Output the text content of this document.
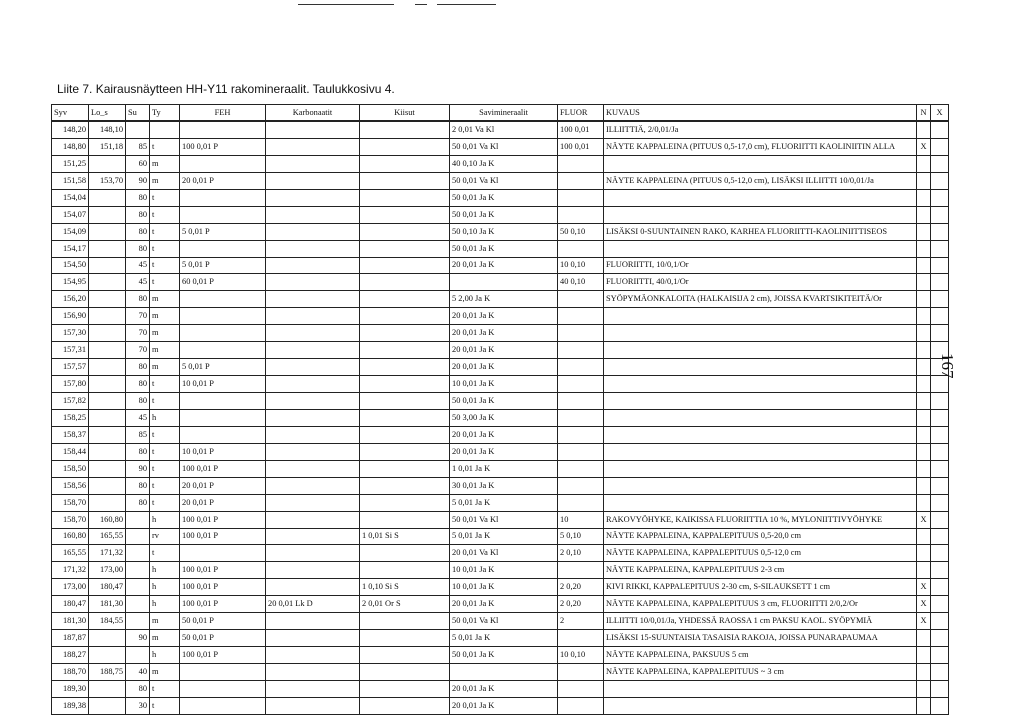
Liite 7. Kairausnäytteen HH-Y11 rakomineraalit. Taulukkosivu 4.
Syv	Lo_s	Su	Ty	FEH	Karbonaatit	Kiisut	Savimineraalit	FLUOR	KUVAUS	N	X
148,20	148,10						2 0,01 Va Kl	100 0,01	ILLIITTIÄ, 2/0,01/Ja		
148,80	151,18	85	t	100 0,01 P			50 0,01 Va Kl	100 0,01	NÄYTE KAPPALEINA (PITUUS 0,5-17,0 cm), FLUORIITTI KAOLINIITIN ALLA	X	
151,25		60	m				40 0,10 Ja K				
151,58	153,70	90	m	20 0,01 P			50 0,01 Va Kl		NÄYTE KAPPALEINA (PITUUS 0,5-12,0 cm), LISÄKSI ILLIITTI 10/0,01/Ja		
154,04		80	t				50 0,01 Ja K				
154,07		80	t				50 0,01 Ja K				
154,09		80	t	5 0,01 P			50 0,10 Ja K	50 0,10	LISÄKSI 0-SUUNTAINEN RAKO, KARHEA FLUORIITTI-KAOLINIITTISEOS		
154,17		80	t				50 0,01 Ja K				
154,50		45	t	5 0,01 P			20 0,01 Ja K	10 0,10	FLUORIITTI, 10/0,1/Or		
154,95		45	t	60 0,01 P				40 0,10	FLUORIITTI, 40/0,1/Or		
156,20		80	m				5 2,00 Ja K		SYÖPYMÄONKALOITA (HALKAISIJA 2 cm), JOISSA KVARTSIKITEITÄ/Or		
156,90		70	m				20 0,01 Ja K				
157,30		70	m				20 0,01 Ja K				
157,31		70	m				20 0,01 Ja K				
157,57		80	m	5 0,01 P			20 0,01 Ja K				
157,80		80	t	10 0,01 P			10 0,01 Ja K				
157,82		80	t				50 0,01 Ja K				
158,25		45	h				50 3,00 Ja K				
158,37		85	t				20 0,01 Ja K				
158,44		80	t	10 0,01 P			20 0,01 Ja K				
158,50		90	t	100 0,01 P			1 0,01 Ja K				
158,56		80	t	20 0,01 P			30 0,01 Ja K				
158,70		80	t	20 0,01 P			5 0,01 Ja K				
158,70	160,80		h	100 0,01 P			50 0,01 Va Kl	10	RAKOVYÖHYKE, KAIKISSA FLUORIITTIA 10 %, MYLONIITTIVYÖHYKE	X	
160,80	165,55		rv	100 0,01 P		1 0,01 Si S	5 0,01 Ja K	5 0,10	NÄYTE KAPPALEINA, KAPPALEPITUUS 0,5-20,0 cm		
165,55	171,32		t				20 0,01 Va Kl	2 0,10	NÄYTE KAPPALEINA, KAPPALEPITUUS 0,5-12,0 cm		
171,32	173,00		h	100 0,01 P			10 0,01 Ja K		NÄYTE KAPPALEINA, KAPPALEPITUUS 2-3 cm		
173,00	180,47		h	100 0,01 P		1 0,10 Si S	10 0,01 Ja K	2 0,20	KIVI RIKKI, KAPPALEPITUUS 2-30 cm, S-SILAUKSETT 1 cm	X	
180,47	181,30		h	100 0,01 P	20 0,01 Lk D	2 0,01 Or S	20 0,01 Ja K	2 0,20	NÄYTE KAPPALEINA, KAPPALEPITUUS 3 cm, FLUORIITTI 2/0,2/Or	X	
181,30	184,55		m	50 0,01 P			50 0,01 Va Kl	2	ILLIITTI 10/0,01/Ja, YHDESSÄ RAOSSA 1 cm PAKSU KAOL. SYÖPYMIÄ	X	
187,87		90	m	50 0,01 P			5 0,01 Ja K		LISÄKSI 15-SUUNTAISIA TASAISIA RAKOJA, JOISSA PUNARAPAUMAA		
188,27			h	100 0,01 P			50 0,01 Ja K	10 0,10	NÄYTE KAPPALEINA, PAKSUUS 5 cm		
188,70	188,75	40	m						NÄYTE KAPPALEINA, KAPPALEPITUUS ~ 3 cm		
189,30		80	t				20 0,01 Ja K				
189,38		30	t				20 0,01 Ja K				
167
